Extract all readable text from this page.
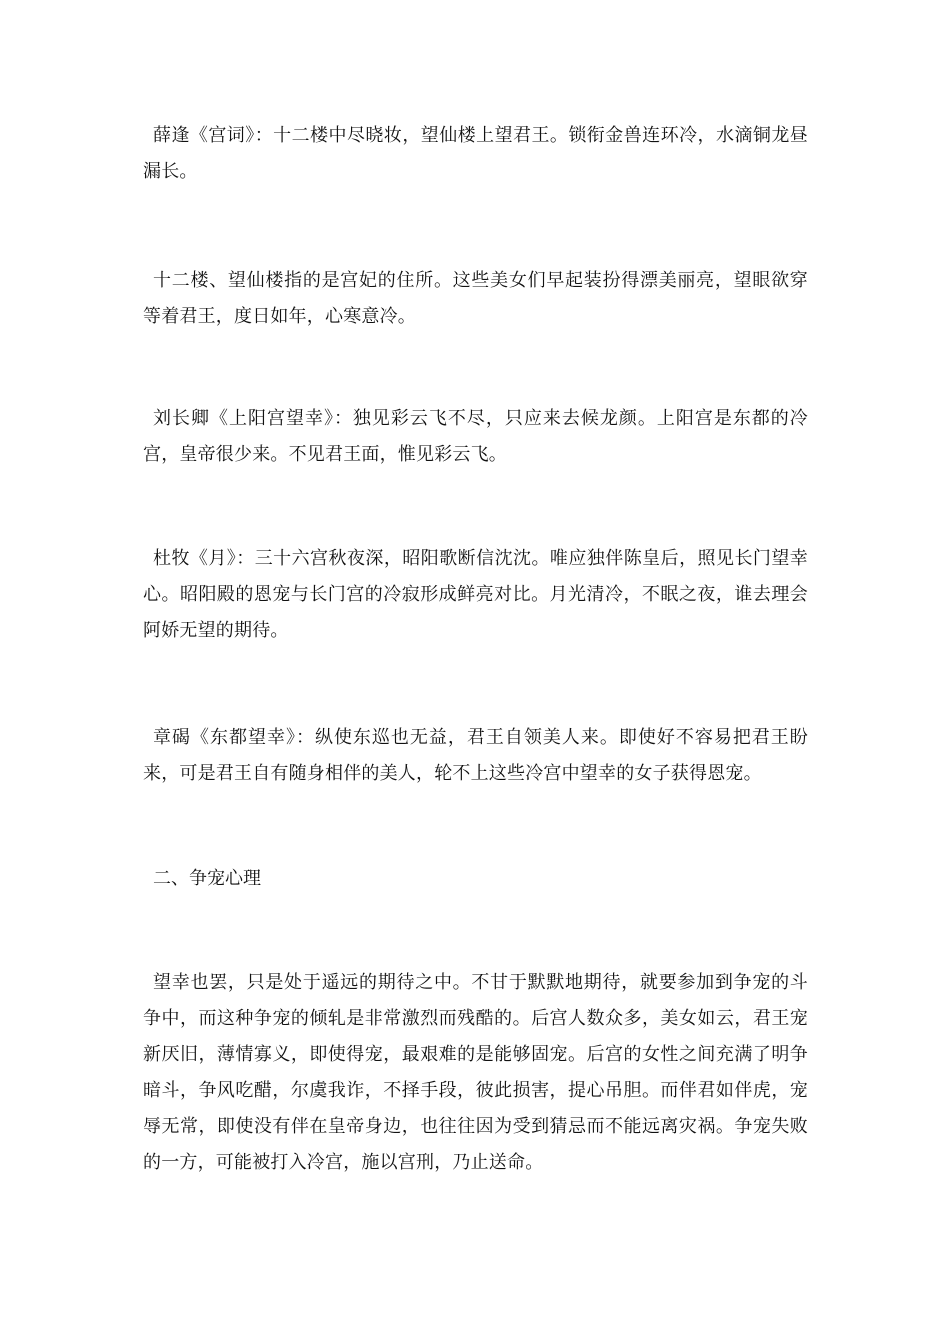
薛逢《宫词》：十二楼中尽晓妆，望仙楼上望君王。锁衔金兽连环冷，水滴铜龙昼漏长。

十二楼、望仙楼指的是宫妃的住所。这些美女们早起装扮得漂美丽亮，望眼欲穿等着君王，度日如年，心寒意冷。

刘长卿《上阳宫望幸》：独见彩云飞不尽，只应来去候龙颜。上阳宫是东都的冷宫，皇帝很少来。不见君王面，惟见彩云飞。

杜牧《月》：三十六宫秋夜深，昭阳歌断信沈沈。唯应独伴陈皇后，照见长门望幸心。昭阳殿的恩宠与长门宫的冷寂形成鲜亮对比。月光清冷，不眠之夜，谁去理会阿娇无望的期待。

章碣《东都望幸》：纵使东巡也无益，君王自领美人来。即使好不容易把君王盼来，可是君王自有随身相伴的美人，轮不上这些冷宫中望幸的女子获得恩宠。

二、争宠心理

望幸也罢，只是处于遥远的期待之中。不甘于默默地期待，就要参加到争宠的斗争中，而这种争宠的倾轧是非常激烈而残酷的。后宫人数众多，美女如云，君王宠新厌旧，薄情寡义，即使得宠，最艰难的是能够固宠。后宫的女性之间充满了明争暗斗，争风吃醋，尔虞我诈，不择手段，彼此损害，提心吊胆。而伴君如伴虎，宠辱无常，即使没有伴在皇帝身边，也往往因为受到猜忌而不能远离灾祸。争宠失败的一方，可能被打入冷宫，施以宫刑，乃止送命。
